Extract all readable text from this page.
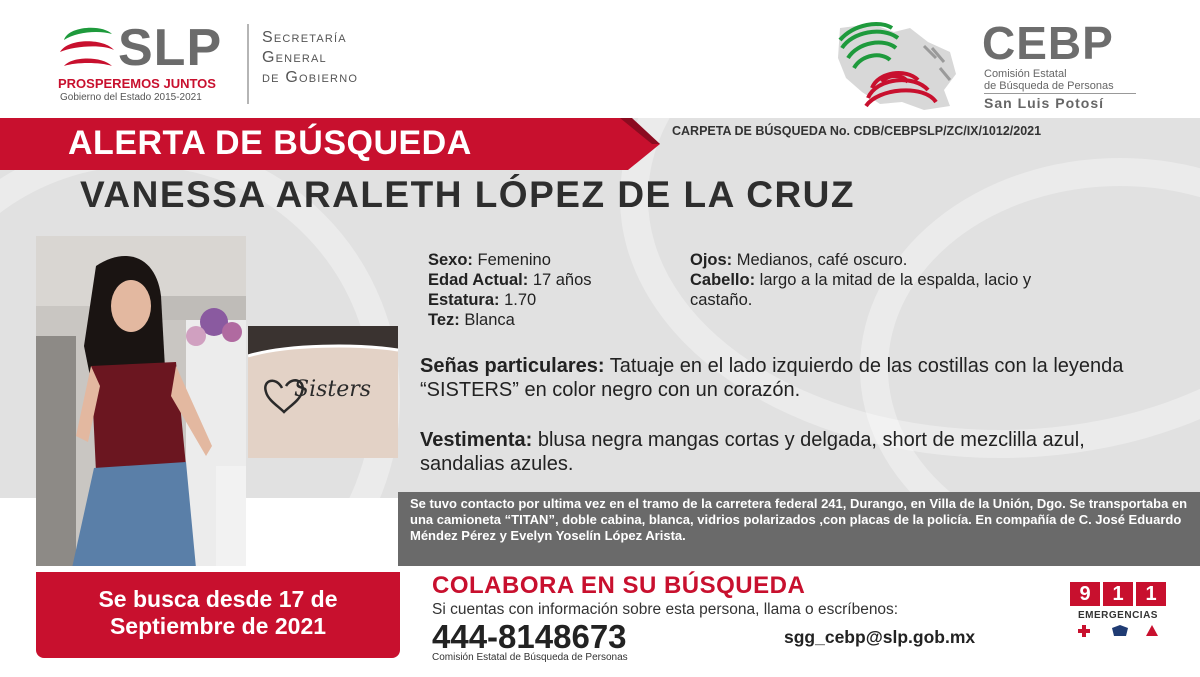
SLP
PROSPEREMOS JUNTOS
Gobierno del Estado 2015-2021
Secretaría
General
de Gobierno
CEBP
Comisión Estatal
de Búsqueda de Personas
San Luis Potosí
ALERTA DE BÚSQUEDA	CARPETA DE BÚSQUEDA No. CDB/CEBPSLP/ZC/IX/1012/2021
VANESSA ARALETH LÓPEZ DE LA CRUZ
Sisters
Sexo: Femenino
Edad Actual: 17 años
Estatura: 1.70
Tez: Blanca
Ojos: Medianos, café oscuro.
Cabello: largo a la mitad de la espalda, lacio y
castaño.
Señas particulares: Tatuaje en el lado izquierdo de las costillas con la leyenda “SISTERS” en color negro con un corazón.
Vestimenta: blusa negra mangas cortas y delgada, short de mezclilla azul, sandalias azules.
Se tuvo contacto por ultima vez en el tramo de la carretera federal 241, Durango, en Villa de la Unión, Dgo. Se transportaba en una camioneta “TITAN”, doble cabina, blanca, vidrios polarizados ,con placas de la policía. En compañía de C. José Eduardo Méndez Pérez y Evelyn Yoselín López Arista.
Se busca desde 17 de
Septiembre de 2021
COLABORA EN SU BÚSQUEDA
Si cuentas con información sobre esta persona, llama o escríbenos:
444-8148673	sgg_cebp@slp.gob.mx
Comisión Estatal de Búsqueda de Personas
9	1	1
EMERGENCIAS
